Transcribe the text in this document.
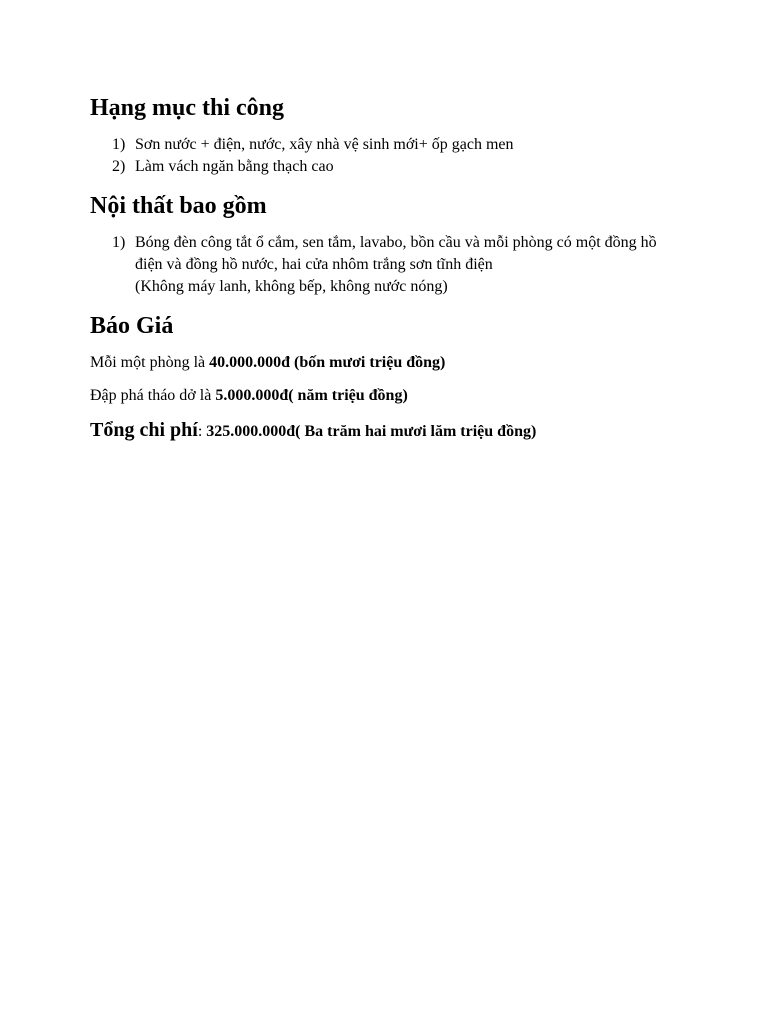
Hạng mục thi công
1) Sơn nước + điện, nước, xây nhà vệ sinh mới+ ốp gạch men
2) Làm vách ngăn bằng thạch cao
Nội thất bao gồm
1) Bóng đèn công tắt ổ cắm, sen tắm, lavabo, bồn cầu và mỗi phòng có một đồng hồ
điện và đồng hồ nước, hai cửa nhôm trắng sơn tĩnh điện
(Không máy lanh, không bếp, không nước nóng)
Báo Giá

Mỗi một phòng là 40.000.000đ (bốn mươi triệu đồng)

Đập phá tháo dở là 5.000.000đ( năm triệu đồng)

Tổng chi phí: 325.000.000đ( Ba trăm hai mươi lăm triệu đồng)
